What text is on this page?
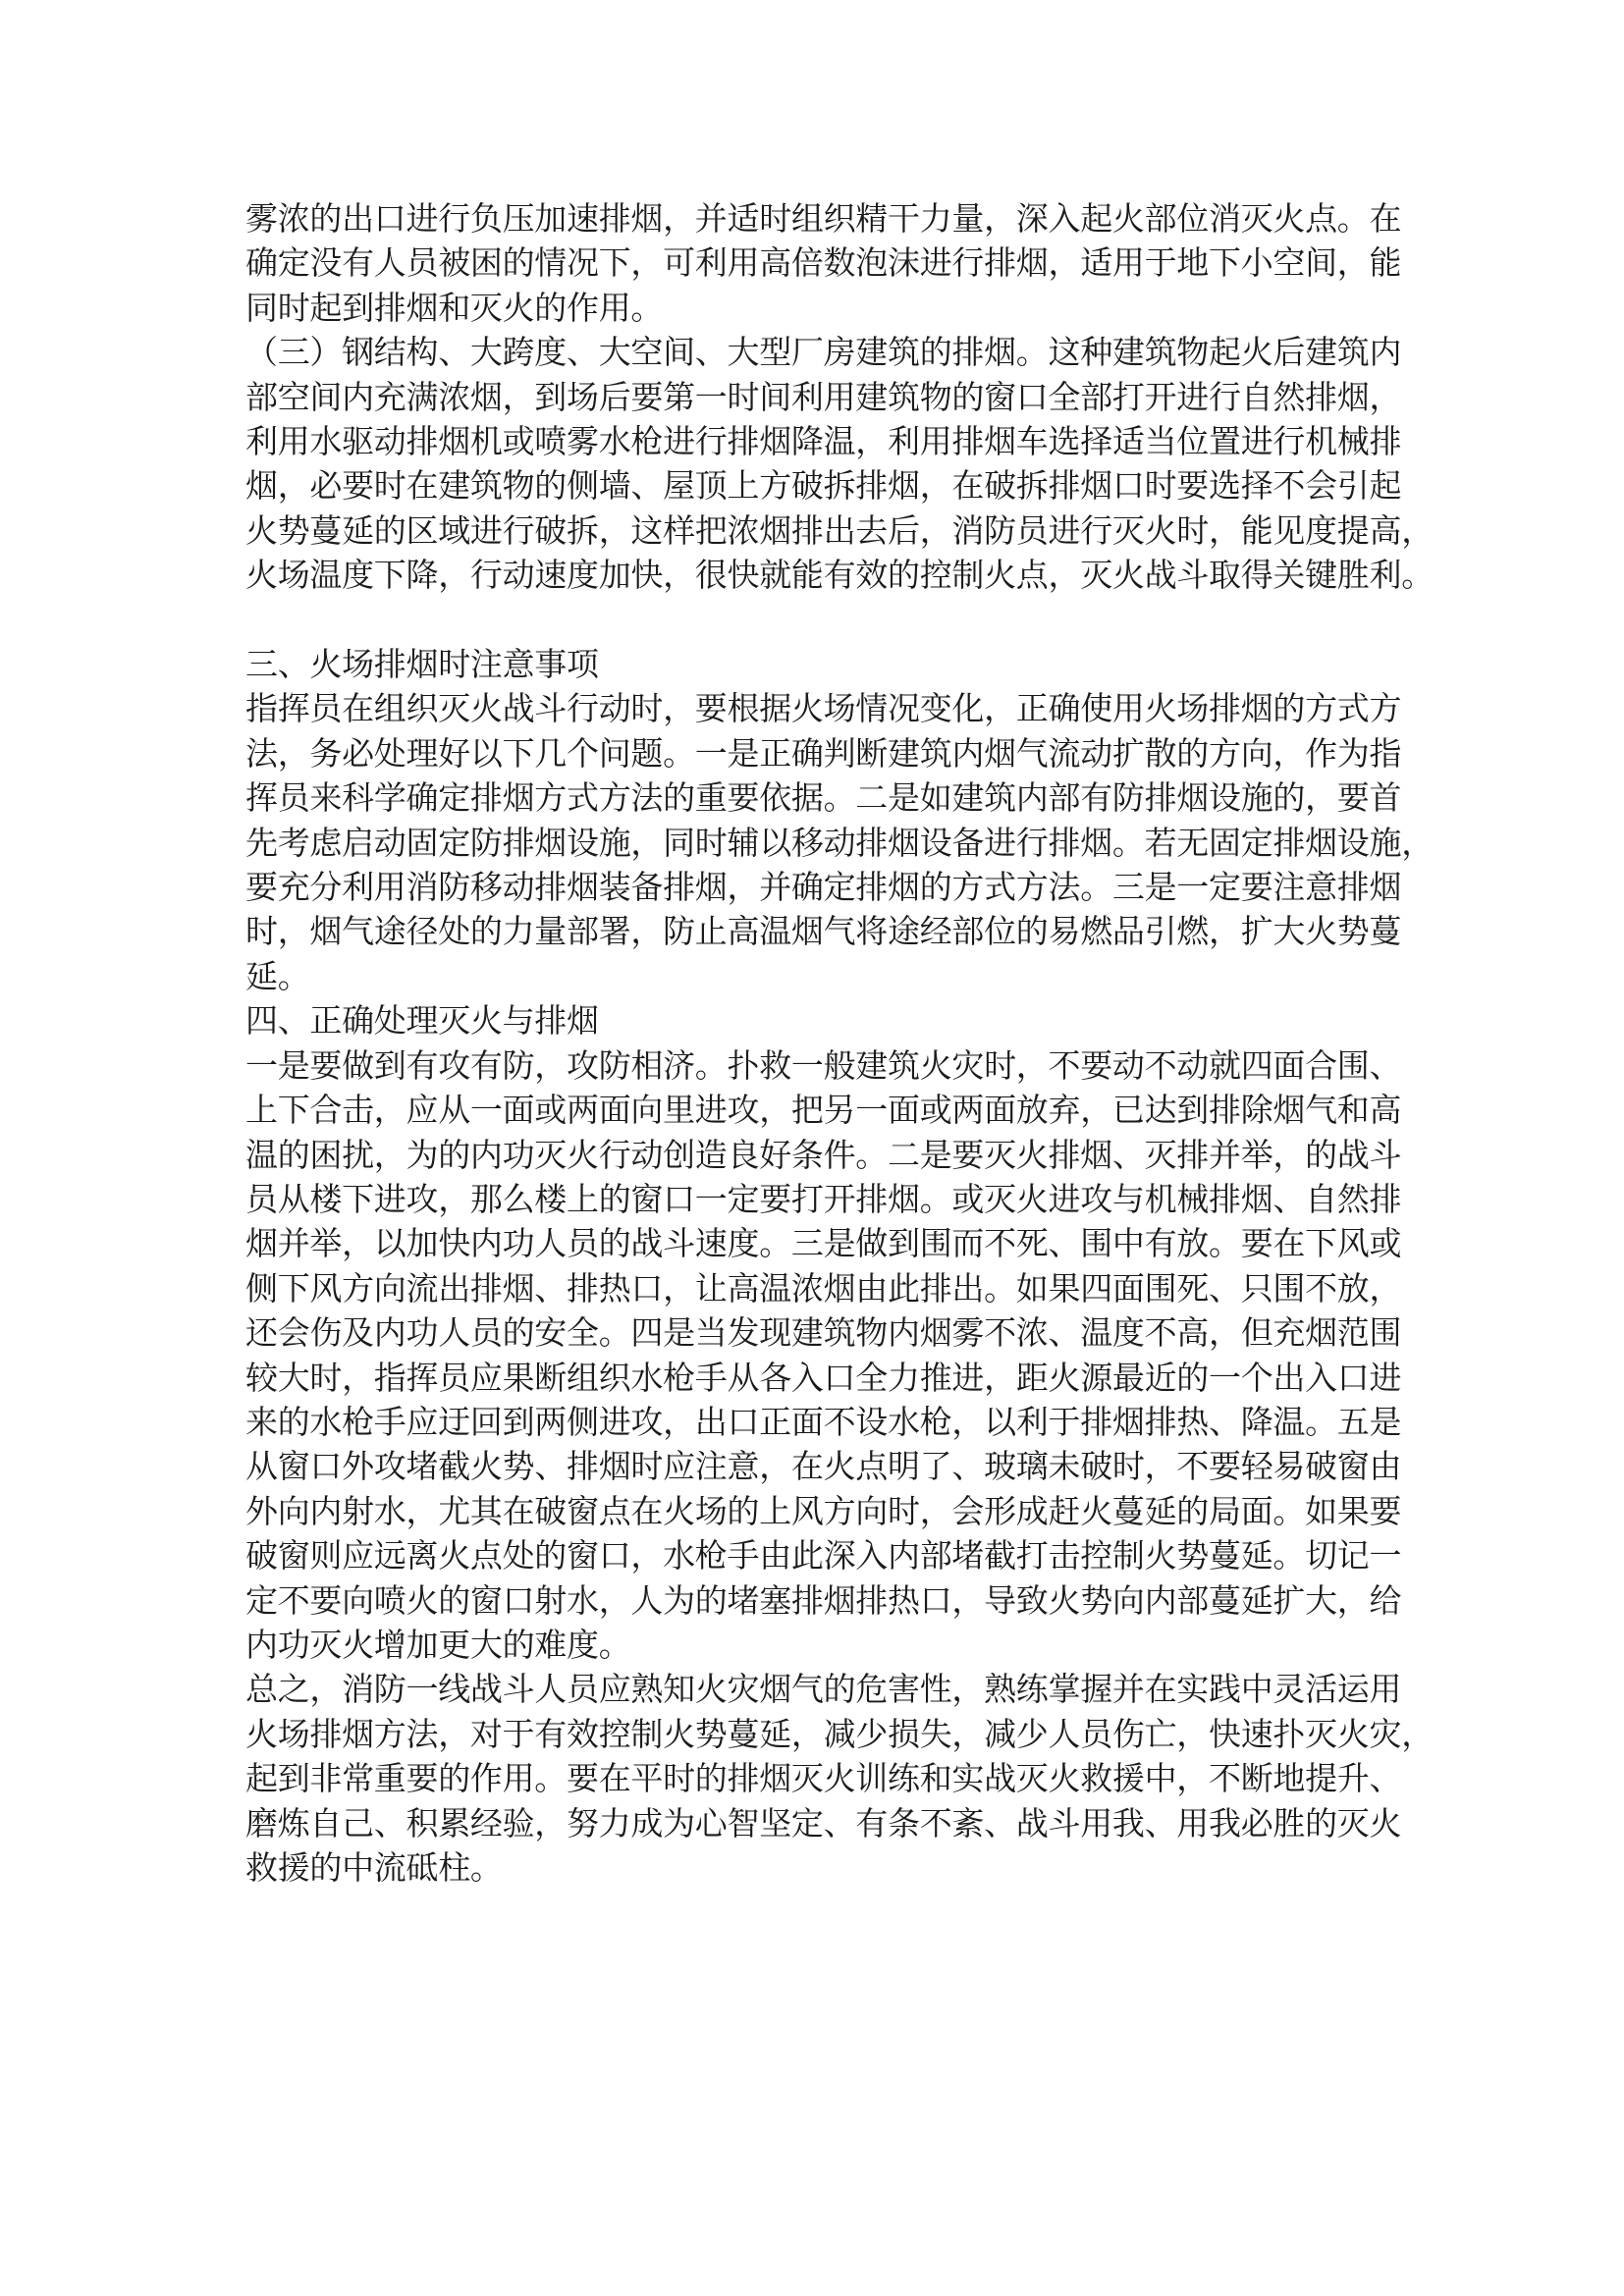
雾浓的出口进行负压加速排烟，并适时组织精干力量，深入起火部位消灭火点。在
确定没有人员被困的情况下，可利用高倍数泡沫进行排烟，适用于地下小空间，能
同时起到排烟和灭火的作用。
（三）钢结构、大跨度、大空间、大型厂房建筑的排烟。这种建筑物起火后建筑内
部空间内充满浓烟，到场后要第一时间利用建筑物的窗口全部打开进行自然排烟，
利用水驱动排烟机或喷雾水枪进行排烟降温，利用排烟车选择适当位置进行机械排
烟，必要时在建筑物的侧墙、屋顶上方破拆排烟，在破拆排烟口时要选择不会引起
火势蔓延的区域进行破拆，这样把浓烟排出去后，消防员进行灭火时，能见度提高，
火场温度下降，行动速度加快，很快就能有效的控制火点，灭火战斗取得关键胜利。
三、火场排烟时注意事项
指挥员在组织灭火战斗行动时，要根据火场情况变化，正确使用火场排烟的方式方
法，务必处理好以下几个问题。一是正确判断建筑内烟气流动扩散的方向，作为指
挥员来科学确定排烟方式方法的重要依据。二是如建筑内部有防排烟设施的，要首
先考虑启动固定防排烟设施，同时辅以移动排烟设备进行排烟。若无固定排烟设施，
要充分利用消防移动排烟装备排烟，并确定排烟的方式方法。三是一定要注意排烟
时，烟气途径处的力量部署，防止高温烟气将途经部位的易燃品引燃，扩大火势蔓
延。
四、正确处理灭火与排烟
一是要做到有攻有防，攻防相济。扑救一般建筑火灾时，不要动不动就四面合围、
上下合击，应从一面或两面向里进攻，把另一面或两面放弃，已达到排除烟气和高
温的困扰，为的内功灭火行动创造良好条件。二是要灭火排烟、灭排并举，的战斗
员从楼下进攻，那么楼上的窗口一定要打开排烟。或灭火进攻与机械排烟、自然排
烟并举，以加快内功人员的战斗速度。三是做到围而不死、围中有放。要在下风或
侧下风方向流出排烟、排热口，让高温浓烟由此排出。如果四面围死、只围不放，
还会伤及内功人员的安全。四是当发现建筑物内烟雾不浓、温度不高，但充烟范围
较大时，指挥员应果断组织水枪手从各入口全力推进，距火源最近的一个出入口进
来的水枪手应迂回到两侧进攻，出口正面不设水枪，以利于排烟排热、降温。五是
从窗口外攻堵截火势、排烟时应注意，在火点明了、玻璃未破时，不要轻易破窗由
外向内射水，尤其在破窗点在火场的上风方向时，会形成赶火蔓延的局面。如果要
破窗则应远离火点处的窗口，水枪手由此深入内部堵截打击控制火势蔓延。切记一
定不要向喷火的窗口射水，人为的堵塞排烟排热口，导致火势向内部蔓延扩大，给
内功灭火增加更大的难度。
总之，消防一线战斗人员应熟知火灾烟气的危害性，熟练掌握并在实践中灵活运用
火场排烟方法，对于有效控制火势蔓延，减少损失，减少人员伤亡，快速扑灭火灾，
起到非常重要的作用。要在平时的排烟灭火训练和实战灭火救援中，不断地提升、
磨炼自己、积累经验，努力成为心智坚定、有条不紊、战斗用我、用我必胜的灭火
救援的中流砥柱。
